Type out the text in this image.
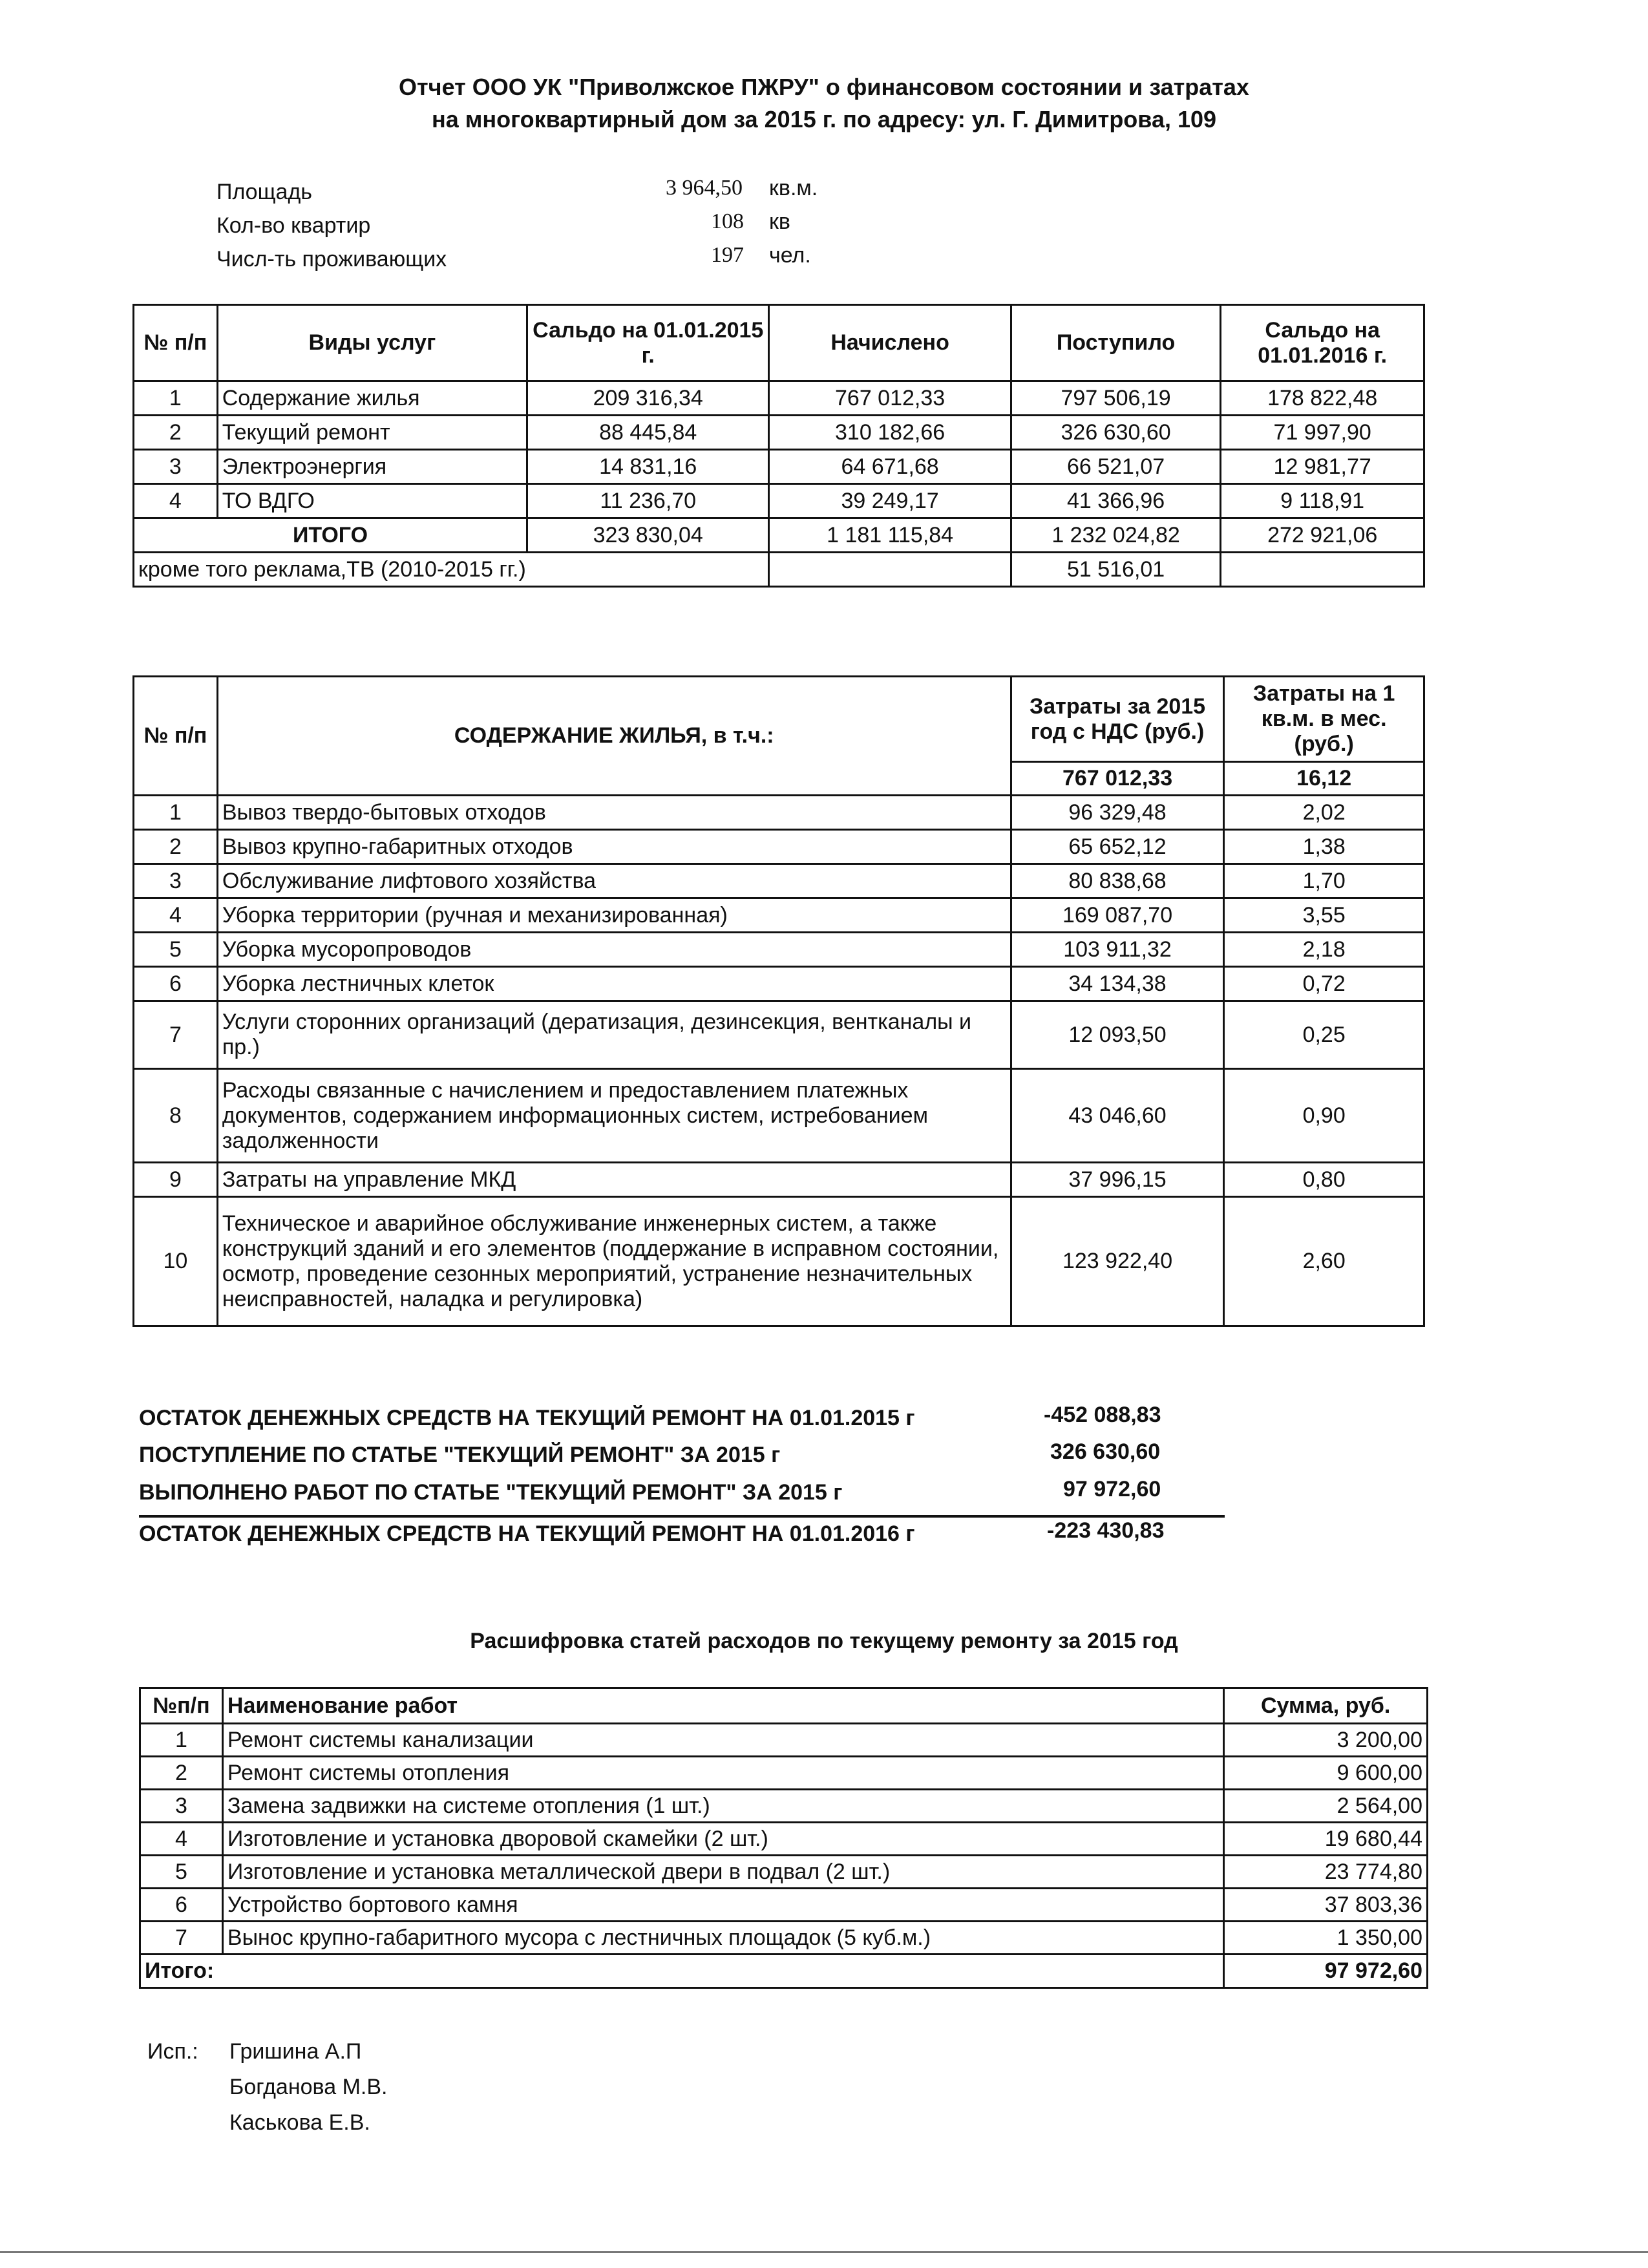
Отчет ООО УК "Приволжское ПЖРУ" о финансовом состоянии и затратах
на многоквартирный дом за 2015 г. по адресу: ул. Г. Димитрова, 109
Площадь	3 964,50 кв.м.
Кол-во квартир	108 кв
Числ-ть проживающих	197 чел.
№ п/п	Виды услуг	Сальдо на 01.01.2015 г.	Начислено	Поступило	Сальдо на 01.01.2016 г.
1	Содержание жилья	209 316,34	767 012,33	797 506,19	178 822,48
2	Текущий ремонт	88 445,84	310 182,66	326 630,60	71 997,90
3	Электроэнергия	14 831,16	64 671,68	66 521,07	12 981,77
4	ТО ВДГО	11 236,70	39 249,17	41 366,96	9 118,91
ИТОГО		323 830,04	1 181 115,84	1 232 024,82	272 921,06
кроме того реклама,ТВ (2010-2015 гг.)				51 516,01	
№ п/п	СОДЕРЖАНИЕ ЖИЛЬЯ, в т.ч.:	Затраты за 2015 год с НДС (руб.)	Затраты на 1 кв.м. в мес. (руб.)
		767 012,33	16,12
1	Вывоз твердо-бытовых отходов	96 329,48	2,02
2	Вывоз крупно-габаритных отходов	65 652,12	1,38
3	Обслуживание лифтового хозяйства	80 838,68	1,70
4	Уборка территории (ручная и механизированная)	169 087,70	3,55
5	Уборка мусоропроводов	103 911,32	2,18
6	Уборка лестничных клеток	34 134,38	0,72
7	Услуги сторонних организаций (дератизация, дезинсекция, вентканалы и пр.)	12 093,50	0,25
8	Расходы связанные с начислением и предоставлением платежных документов, содержанием информационных систем, истребованием задолженности	43 046,60	0,90
9	Затраты на управление МКД	37 996,15	0,80
10	Техническое и аварийное обслуживание инженерных систем, а также конструкций зданий и его элементов (поддержание в исправном состоянии, осмотр, проведение сезонных мероприятий, устранение незначительных неисправностей, наладка и регулировка)	123 922,40	2,60
ОСТАТОК ДЕНЕЖНЫХ СРЕДСТВ НА ТЕКУЩИЙ РЕМОНТ НА 01.01.2015 г	-452 088,83
ПОСТУПЛЕНИЕ ПО СТАТЬЕ "ТЕКУЩИЙ РЕМОНТ" ЗА 2015 г	326 630,60
ВЫПОЛНЕНО РАБОТ ПО СТАТЬЕ "ТЕКУЩИЙ РЕМОНТ" ЗА 2015 г	97 972,60
ОСТАТОК ДЕНЕЖНЫХ СРЕДСТВ НА ТЕКУЩИЙ РЕМОНТ НА 01.01.2016 г	-223 430,83
Расшифровка статей расходов по текущему ремонту за 2015 год
№п/п	Наименование работ	Сумма, руб.
1	Ремонт системы канализации	3 200,00
2	Ремонт системы отопления	9 600,00
3	Замена задвижки на системе отопления (1 шт.)	2 564,00
4	Изготовление и установка дворовой скамейки (2 шт.)	19 680,44
5	Изготовление и установка металлической двери в подвал (2 шт.)	23 774,80
6	Устройство бортового камня	37 803,36
7	Вынос крупно-габаритного мусора с лестничных площадок (5 куб.м.)	1 350,00
Итого:		97 972,60
Исп.: Гришина А.П
Богданова М.В.
Каськова Е.В.
